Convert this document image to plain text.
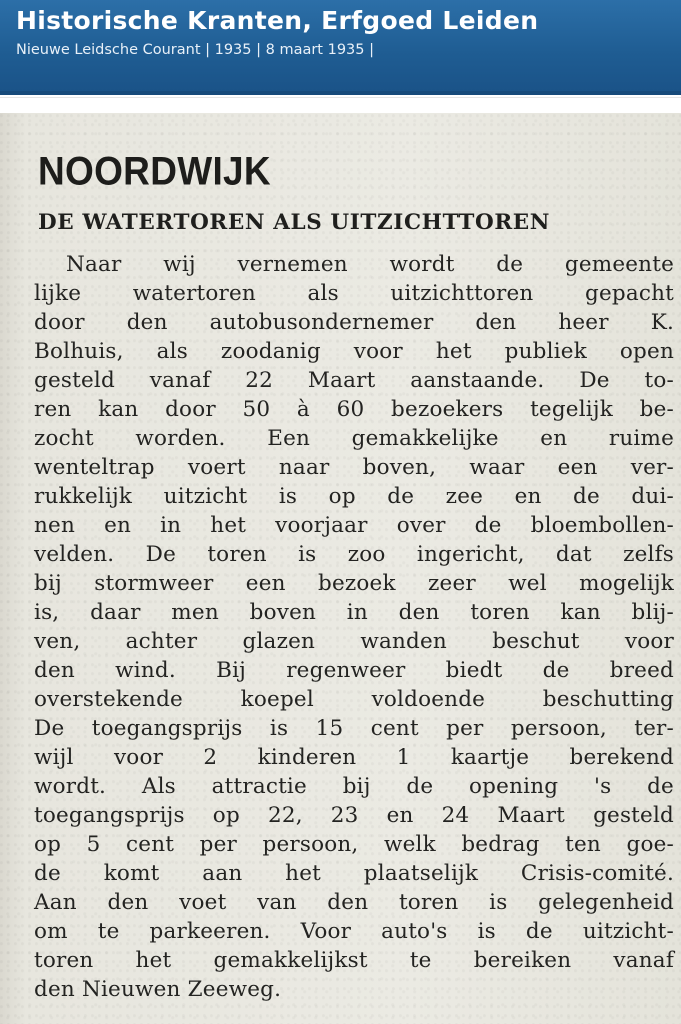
Historische Kranten, Erfgoed Leiden
Nieuwe Leidsche Courant | 1935 | 8 maart 1935 |
NOORDWIJK
DE WATERTOREN ALS UITZICHTTOREN
Naar wij vernemen wordt de gemeente
lijke watertoren als uitzichttoren gepacht
door den autobusondernemer den heer K.
Bolhuis, als zoodanig voor het publiek open
gesteld vanaf 22 Maart aanstaande. De to-
ren kan door 50 à 60 bezoekers tegelijk be-
zocht worden. Een gemakkelijke en ruime
wenteltrap voert naar boven, waar een ver-
rukkelijk uitzicht is op de zee en de dui-
nen en in het voorjaar over de bloembollen-
velden. De toren is zoo ingericht, dat zelfs
bij stormweer een bezoek zeer wel mogelijk
is, daar men boven in den toren kan blij-
ven, achter glazen wanden beschut voor
den wind. Bij regenweer biedt de breed
overstekende koepel voldoende beschutting
De toegangsprijs is 15 cent per persoon, ter-
wijl voor 2 kinderen 1 kaartje berekend
wordt. Als attractie bij de opening 's de
toegangsprijs op 22, 23 en 24 Maart gesteld
op 5 cent per persoon, welk bedrag ten goe-
de komt aan het plaatselijk Crisis-comité.
Aan den voet van den toren is gelegenheid
om te parkeeren. Voor auto's is de uitzicht-
toren het gemakkelijkst te bereiken vanaf
den Nieuwen Zeeweg.
